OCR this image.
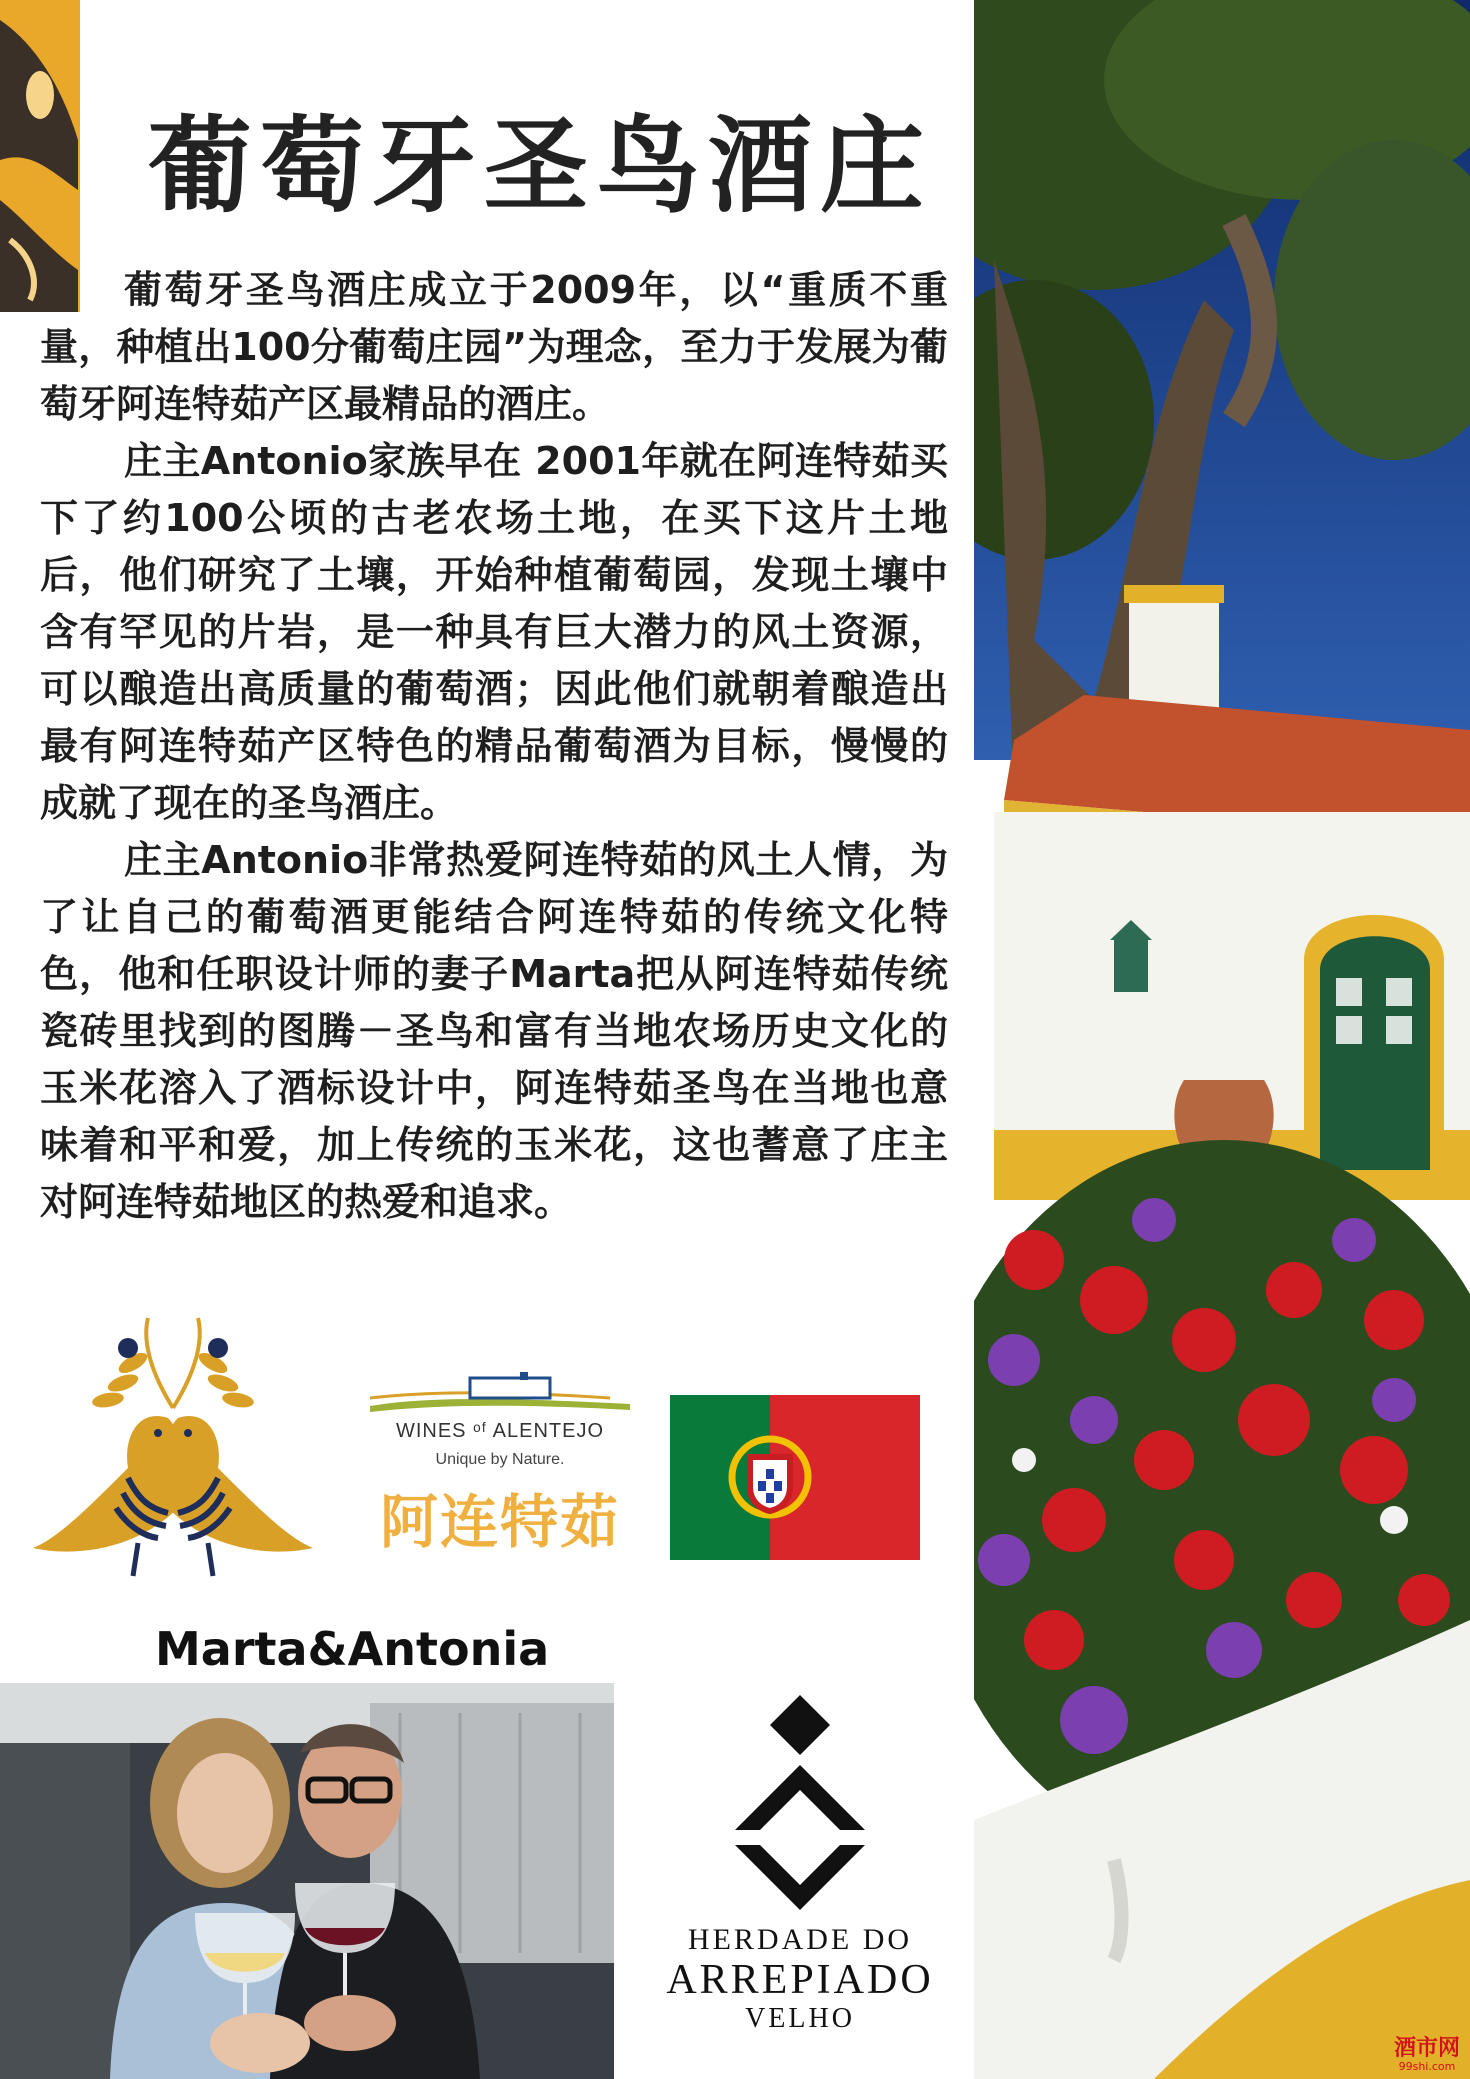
葡萄牙圣鸟酒庄

葡萄牙圣鸟酒庄成立于2009年，以“重质不重量，种植出100分葡萄庄园”为理念，至力于发展为葡萄牙阿连特茹产区最精品的酒庄。

庄主Antonio家族早在 2001年就在阿连特茹买下了约100公顷的古老农场土地，在买下这片土地后，他们研究了土壤，开始种植葡萄园，发现土壤中含有罕见的片岩，是一种具有巨大潜力的风土资源，可以酿造出高质量的葡萄酒；因此他们就朝着酿造出最有阿连特茹产区特色的精品葡萄酒为目标，慢慢的成就了现在的圣鸟酒庄。

庄主Antonio非常热爱阿连特茹的风土人情，为了让自己的葡萄酒更能结合阿连特茹的传统文化特色，他和任职设计师的妻子Marta把从阿连特茹传统瓷砖里找到的图腾－圣鸟和富有当地农场历史文化的玉米花溶入了酒标设计中，阿连特茹圣鸟在当地也意味着和平和爱，加上传统的玉米花，这也蓍意了庄主对阿连特茹地区的热爱和追求。

WINES ᵒᶠ ALENTEJO
Unique by Nature.
阿连特茹
Marta&Antonia
HERDADE DO
ARREPIADO
VELHO
酒市网
99shi.com
